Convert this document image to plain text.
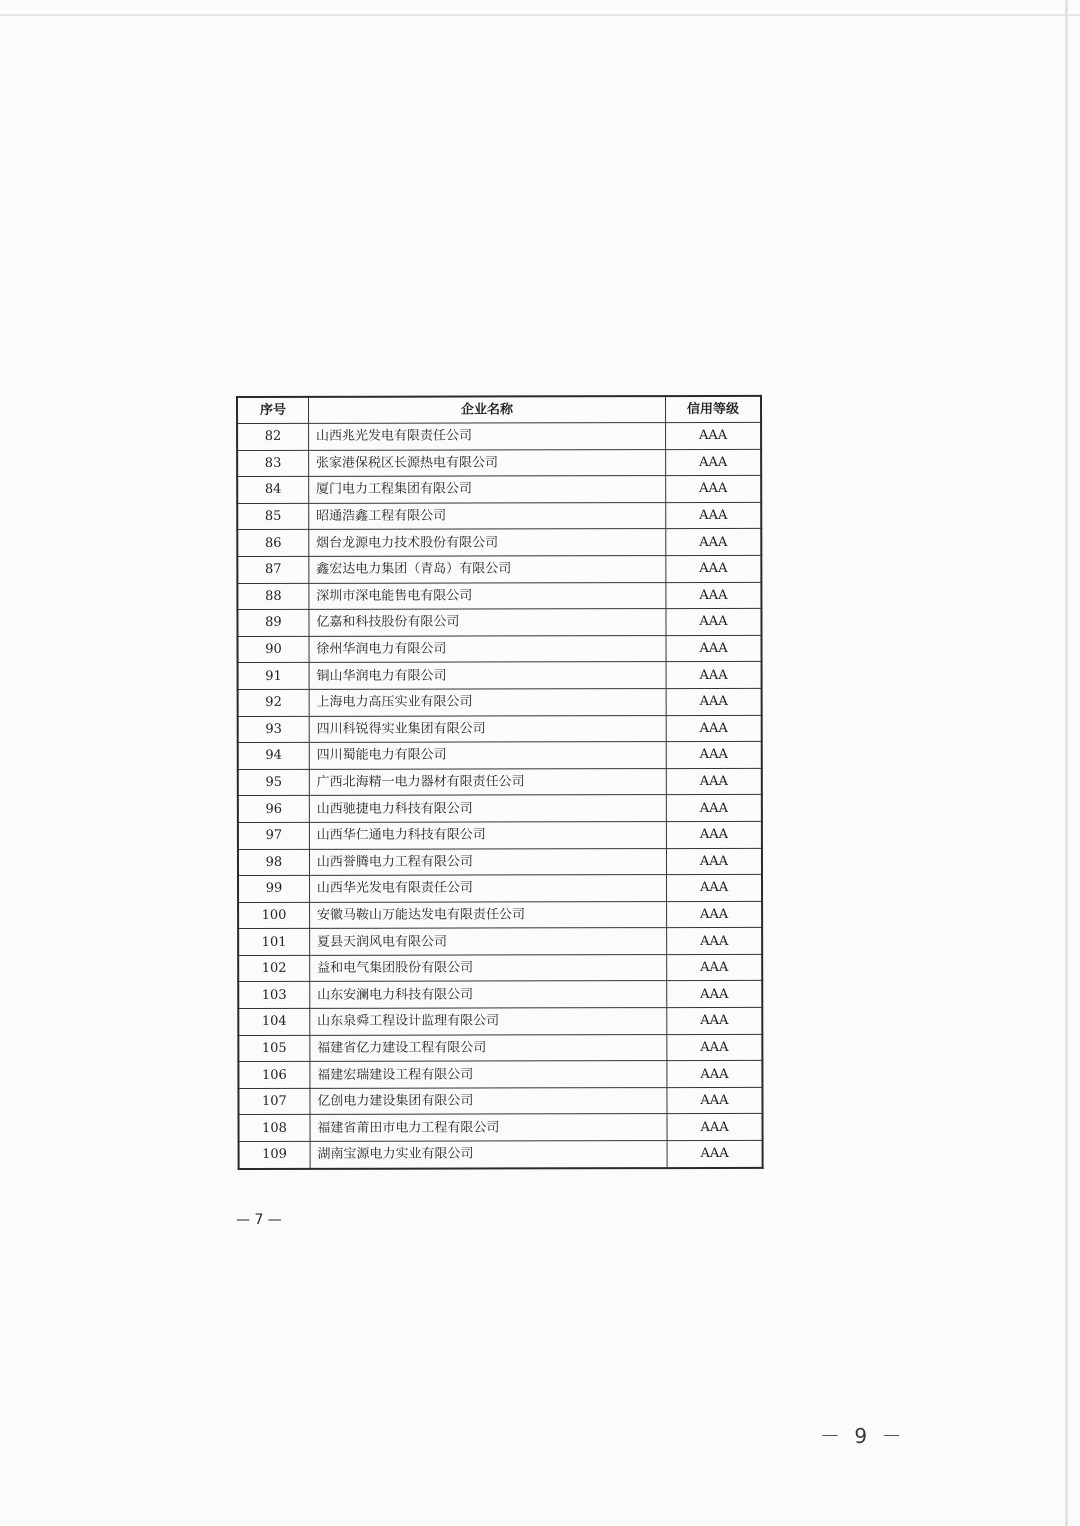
序号	企业名称	信用等级
82	山西兆光发电有限责任公司	AAA
83	张家港保税区长源热电有限公司	AAA
84	厦门电力工程集团有限公司	AAA
85	昭通浩鑫工程有限公司	AAA
86	烟台龙源电力技术股份有限公司	AAA
87	鑫宏达电力集团（青岛）有限公司	AAA
88	深圳市深电能售电有限公司	AAA
89	亿嘉和科技股份有限公司	AAA
90	徐州华润电力有限公司	AAA
91	铜山华润电力有限公司	AAA
92	上海电力高压实业有限公司	AAA
93	四川科锐得实业集团有限公司	AAA
94	四川蜀能电力有限公司	AAA
95	广西北海精一电力器材有限责任公司	AAA
96	山西驰捷电力科技有限公司	AAA
97	山西华仁通电力科技有限公司	AAA
98	山西誉腾电力工程有限公司	AAA
99	山西华光发电有限责任公司	AAA
100	安徽马鞍山万能达发电有限责任公司	AAA
101	夏县天润风电有限公司	AAA
102	益和电气集团股份有限公司	AAA
103	山东安澜电力科技有限公司	AAA
104	山东泉舜工程设计监理有限公司	AAA
105	福建省亿力建设工程有限公司	AAA
106	福建宏瑞建设工程有限公司	AAA
107	亿创电力建设集团有限公司	AAA
108	福建省莆田市电力工程有限公司	AAA
109	湖南宝源电力实业有限公司	AAA
— 7 —
－ 9 －
